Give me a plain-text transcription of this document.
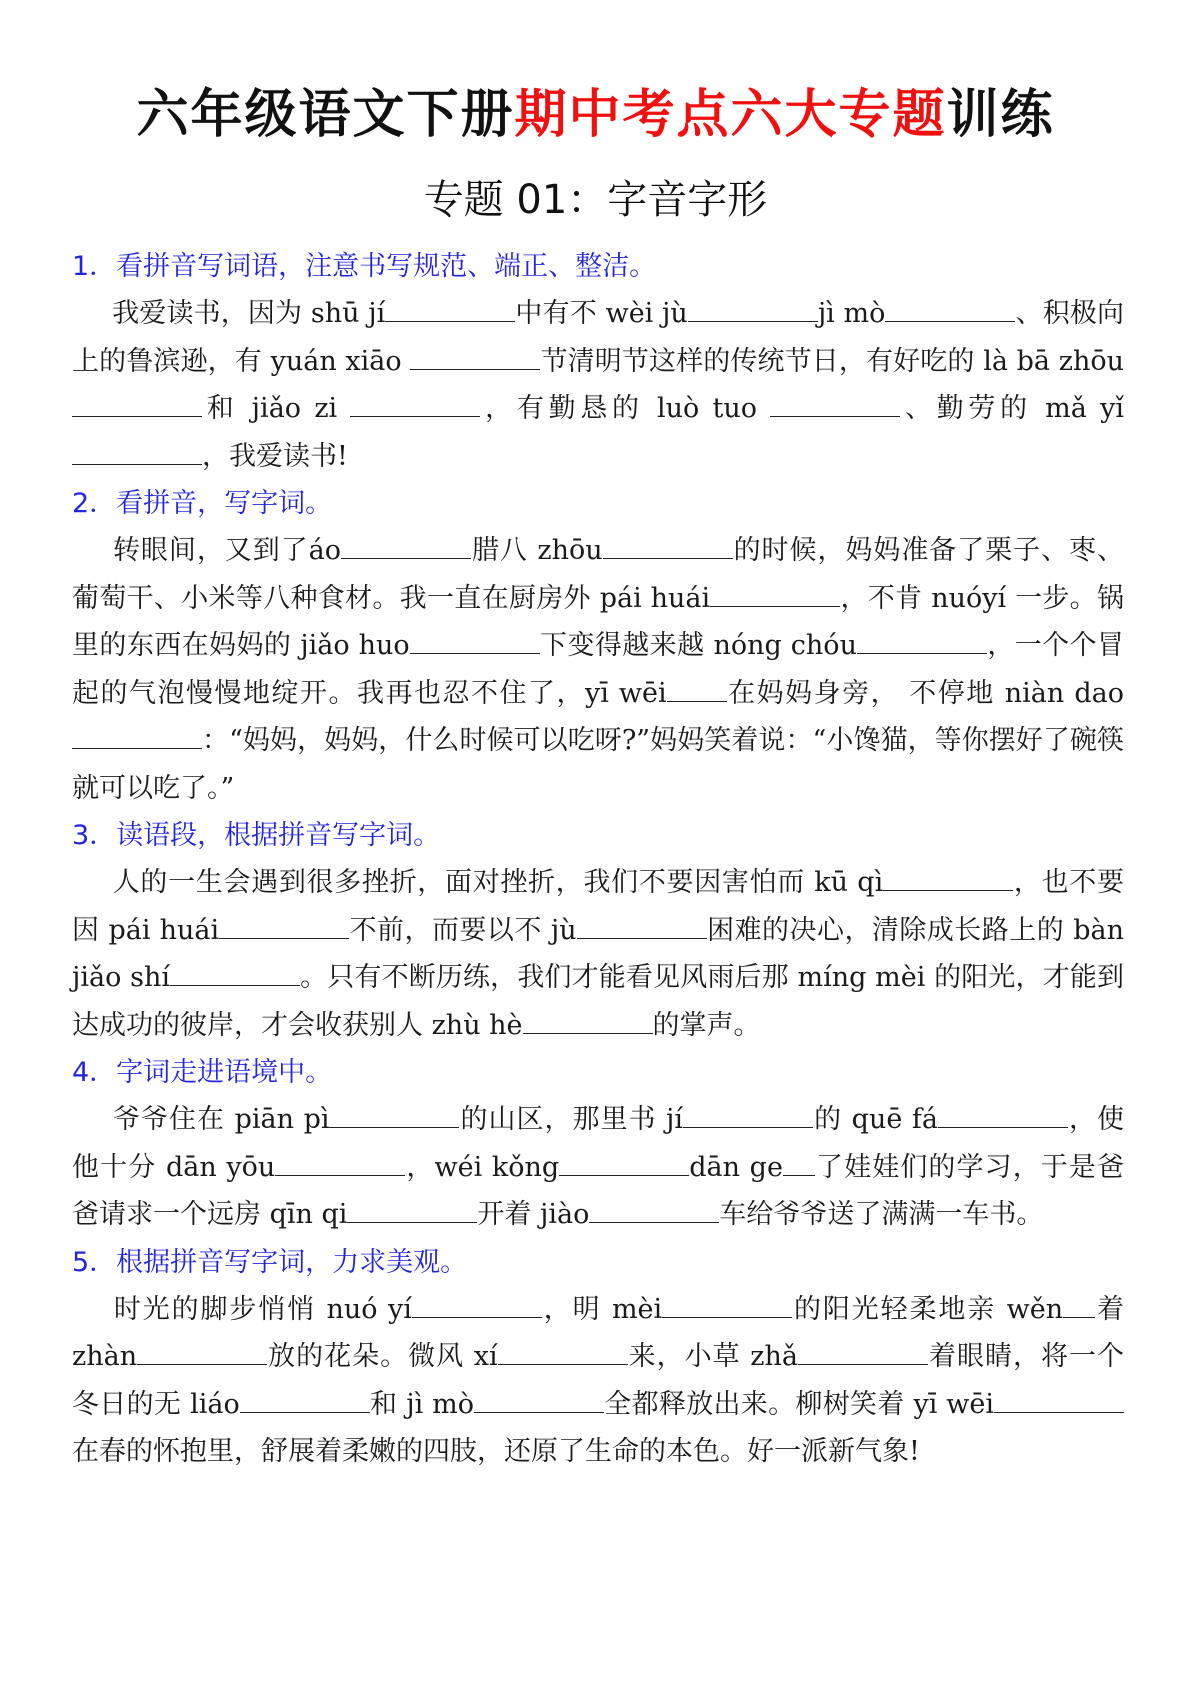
六年级语文下册期中考点六大专题训练
专题 01：字音字形
1．看拼音写词语，注意书写规范、端正、整洁。

我爱读书，因为 shū jí	中有不 wèi jù	jì mò	、积极向上的鲁滨逊，有 yuán xiāo	节清明节这样的传统节日，有好吃的 là bā zhōu 和 jiǎo zi	，有勤恳的 luò tuo	、勤劳的 mǎ yǐ，我爱读书!

2．看拼音，写字词。

转眼间，又到了áo	腊八 zhōu	的时候，妈妈准备了栗子、枣、葡萄干、小米等八种食材。我一直在厨房外 pái huái	，不肯 nuóyí 一步。锅里的东西在妈妈的 jiǎo huo	下变得越来越 nóng chóu	，一个个冒起的气泡慢慢地绽开。我再也忍不住了，yī wēi 在妈妈身旁， 不停地 niàn dao：“妈妈，妈妈，什么时候可以吃呀?”妈妈笑着说：“小馋猫，等你摆好了碗筷就可以吃了。”

3．读语段，根据拼音写字词。

人的一生会遇到很多挫折，面对挫折，我们不要因害怕而 kū qì	，也不要因 pái huái	不前，而要以不 jù	困难的决心，清除成长路上的 bàn jiǎo shí	。只有不断历练，我们才能看见风雨后那 míng mèi 的阳光，才能到达成功的彼岸，才会收获别人 zhù hè	的掌声。

4．字词走进语境中。

爷爷住在 piān pì	的山区，那里书 jí	的 quē fá	，使他十分 dān yōu	，wéi kǒng	dān ge 了娃娃们的学习，于是爸爸请求一个远房 qīn qi	开着 jiào	车给爷爷送了满满一车书。

5．根据拼音写字词，力求美观。

时光的脚步悄悄 nuó yí	，明 mèi	的阳光轻柔地亲 wěn 着 zhàn	放的花朵。微风 xí	来，小草 zhǎ	着眼睛，将一个冬日的无 liáo	和 jì mò	全都释放出来。柳树笑着 yī wēi在春的怀抱里，舒展着柔嫩的四肢，还原了生命的本色。好一派新气象!
